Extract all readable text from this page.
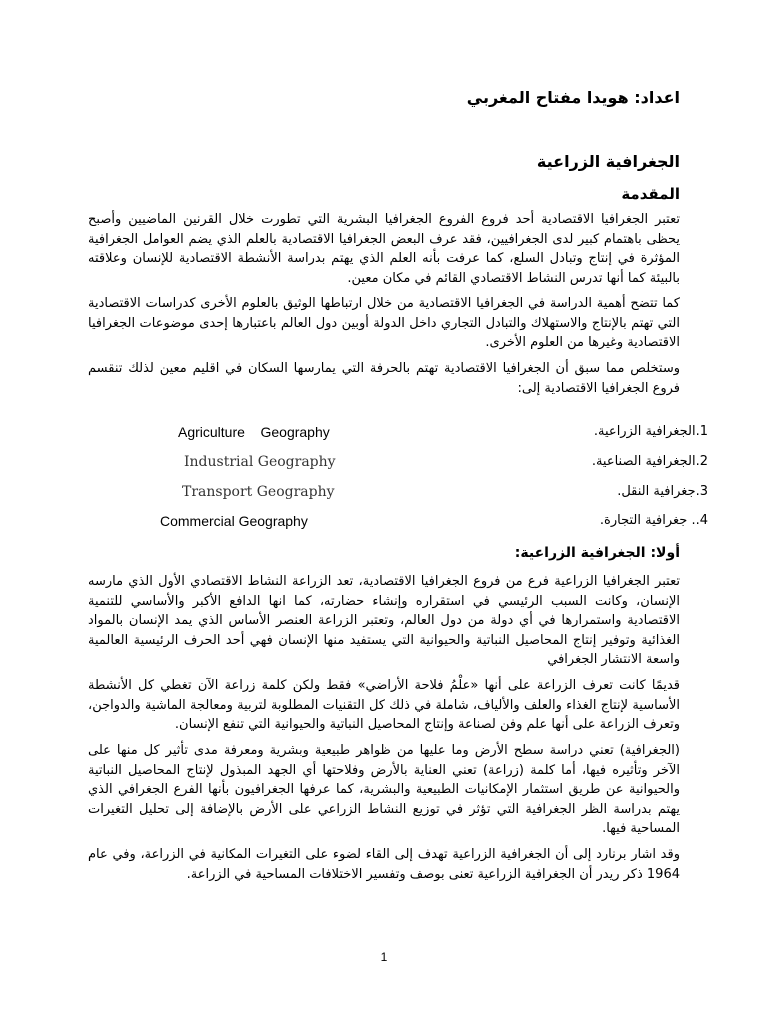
اعداد: هويدا مفتاح المغربي
الجغرافية الزراعية
المقدمة
تعتبر الجغرافيا الاقتصادية أحد فروع الفروع الجغرافيا البشرية التي تطورت خلال القرنين الماضيين وأصبح يحظى باهتمام كبير لدى الجغرافيين، فقد عرف البعض الجغرافيا الاقتصادية بالعلم الذي يضم العوامل الجغرافية المؤثرة في إنتاج وتبادل السلع، كما عرفت بأنه العلم الذي يهتم بدراسة الأنشطة الاقتصادية للإنسان وعلاقته بالبيئة كما أنها تدرس النشاط الاقتصادي القائم في مكان معين.
كما تتضح أهمية الدراسة في الجغرافيا الاقتصادية من خلال ارتباطها الوثيق بالعلوم الأخرى كدراسات الاقتصادية التي تهتم بالإنتاج والاستهلاك والتبادل التجاري داخل الدولة أوبين دول العالم باعتبارها إحدى موضوعات الجغرافيا الاقتصادية وغيرها من العلوم الأخرى.
وستخلص مما سبق أن الجغرافيا الاقتصادية تهتم بالحرفة التي يمارسها السكان في اقليم معين لذلك تنقسم فروع الجغرافيا الاقتصادية إلى:
1.الجغرافية الزراعية.
Agriculture    Geography
2.الجغرافية الصناعية.
Industrial Geography
3.جغرافية النقل.
Transport Geography
4.. جغرافية التجارة.
Commercial Geography
أولا: الجغرافية الزراعية:
تعتبر الجغرافيا الزراعية فرع من فروع الجغرافيا الاقتصادية، تعد الزراعة النشاط الاقتصادي الأول الذي مارسه الإنسان، وكانت السبب الرئيسي في استقراره وإنشاء حضارته، كما انها الدافع الأكبر والأساسي للتنمية الاقتصادية واستمرارها في أي دولة من دول العالم، وتعتبر الزراعة العنصر الأساس الذي يمد الإنسان بالمواد الغذائية وتوفير إنتاج المحاصيل النباتية والحيوانية التي يستفيد منها الإنسان فهي أحد الحرف الرئيسية العالمية واسعة الانتشار الجغرافي
قديمًا كانت تعرف الزراعة على أنها «علْمُ فلاحة الأراضي» فقط ولكن كلمة زراعة الآن تغطي كل الأنشطة الأساسية لإنتاج الغذاء والعلف والألياف، شاملة في ذلك كل التقنيات المطلوبة لتربية ومعالجة الماشية والدواجن، وتعرف الزراعة على أنها علم وفن لصناعة وإنتاج المحاصيل النباتية والحيوانية التي تنفع الإنسان.
(الجغرافية) تعني دراسة سطح الأرض وما عليها من ظواهر طبيعية وبشرية ومعرفة مدى تأثير كل منها على الآخر وتأثيره فيها، أما كلمة (زراعة) تعني العناية بالأرض وفلاحتها أي الجهد المبذول لإنتاج المحاصيل النباتية والحيوانية عن طريق استثمار الإمكانيات الطبيعية والبشرية، كما عرفها الجغرافيون بأنها الفرع الجغرافي الذي يهتم بدراسة الظر الجغرافية التي تؤثر في توزيع النشاط الزراعي على الأرض بالإضافة إلى تحليل التغيرات المساحية فيها.
وقد اشار برنارد إلى أن الجغرافية الزراعية تهدف إلى القاء لضوء على التغيرات المكانية في الزراعة، وفي عام 1964 ذكر ريدر أن الجغرافية الزراعية تعنى بوصف وتفسير الاختلافات المساحية في الزراعة.
1
